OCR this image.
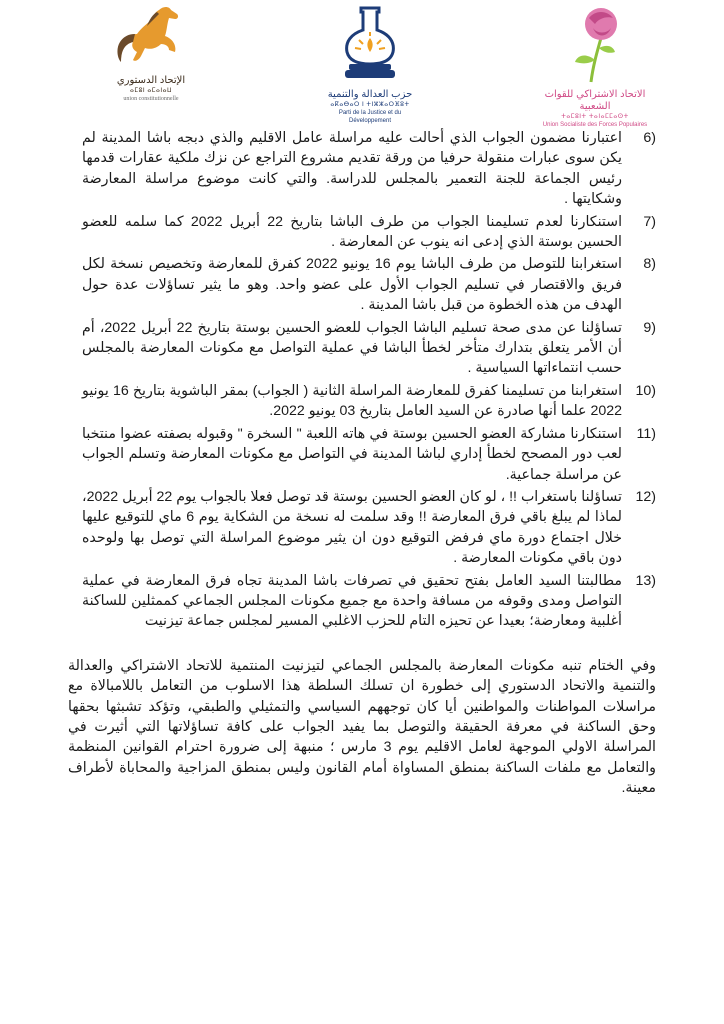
الإتحاد الدستوري
ⴰⵎⵓⵏ ⴰⵎⴰⵏⴰⵡ
union constitutionnelle	حزب العدالة والتنمية
ⴰⴽⴰⴱⴰⵔ ⵏ ⵜⵏⵣⵣⴰⵔⴼⵓⵜ
Parti de la Justice et du Développement
الاتحاد الاشتراكي للقوات الشعبية
ⵜⴰⵎⵓⵏⵜ ⵜⴰⵏⴰⵎⵎⴰⵙⵜ
Union Socialiste des Forces Populaires
6)
اعتبارنا مضمون الجواب الذي أحالت عليه مراسلة عامل الاقليم والذي دبجه باشا المدينة لم يكن سوى عبارات منقولة حرفيا من ورقة تقديم مشروع التراجع عن نزك ملكية عقارات قدمها رئيس الجماعة للجنة التعمير بالمجلس للدراسة. والتي كانت موضوع مراسلة المعارضة وشكايتها .
7)
استنكارنا لعدم تسليمنا الجواب من طرف الباشا بتاريخ 22 أبريل 2022 كما سلمه للعضو الحسين بوستة الذي إدعى انه ينوب عن المعارضة .
8)
استغرابنا للتوصل من طرف الباشا يوم 16 يونيو 2022 كفرق للمعارضة وتخصيص نسخة لكل فريق والاقتصار في تسليم الجواب الأول على عضو واحد. وهو ما يثير تساؤلات عدة حول الهدف من هذه الخطوة من قبل باشا المدينة .
9)
تساؤلنا عن مدى صحة تسليم الباشا الجواب للعضو الحسين بوستة بتاريخ 22 أبريل 2022، أم أن الأمر يتعلق بتدارك متأخر لخطأ الباشا في عملية التواصل مع مكونات المعارضة بالمجلس حسب انتماءاتها السياسية .
10)
استغرابنا من تسليمنا كفرق للمعارضة المراسلة الثانية ( الجواب) بمقر الباشوية بتاريخ 16 يونيو 2022 علما أنها صادرة عن السيد العامل بتاريخ 03 يونيو 2022.
11)
استنكارنا مشاركة العضو الحسين بوستة في هاته اللعبة " السخرة " وقبوله بصفته عضوا منتخبا لعب دور المصحح لخطأ إداري لباشا المدينة في التواصل مع مكونات المعارضة وتسلم الجواب عن مراسلة جماعية.
12)
تساؤلنا باستغراب !! ، لو كان العضو الحسين بوستة قد توصل فعلا بالجواب يوم 22 أبريل 2022، لماذا لم يبلغ باقي فرق المعارضة !! وقد سلمت له نسخة من الشكاية يوم 6 ماي للتوقيع عليها خلال اجتماع دورة ماي فرفض التوقيع دون ان يثير موضوع المراسلة التي توصل بها ولوحده دون باقي مكونات المعارضة .
13)
مطالبتنا السيد العامل بفتح تحقيق في تصرفات باشا المدينة تجاه فرق المعارضة في عملية التواصل ومدى وقوفه من مسافة واحدة مع جميع مكونات المجلس الجماعي كممثلين للساكنة أغلبية ومعارضة؛ بعيدا عن تحيزه التام للحزب الاغلبي المسير لمجلس جماعة تيزنيت

وفي الختام تنبه مكونات المعارضة بالمجلس الجماعي لتيزنيت المنتمية للاتحاد الاشتراكي والعدالة والتنمية والاتحاد الدستوري إلى خطورة ان تسلك السلطة هذا الاسلوب من التعامل باللامبالاة مع مراسلات المواطنات والمواطنين أيا كان توجههم السياسي والتمثيلي والطبقي، وتؤكد تشبثها بحقها وحق الساكنة في معرفة الحقيقة والتوصل بما يفيد الجواب على كافة تساؤلاتها التي أثيرت في المراسلة الاولي الموجهة لعامل الاقليم يوم 3 مارس ؛ منبهة إلى ضرورة احترام القوانين المنظمة والتعامل مع ملفات الساكنة بمنطق المساواة أمام القانون وليس بمنطق المزاجية والمحاباة لأطراف معينة.
